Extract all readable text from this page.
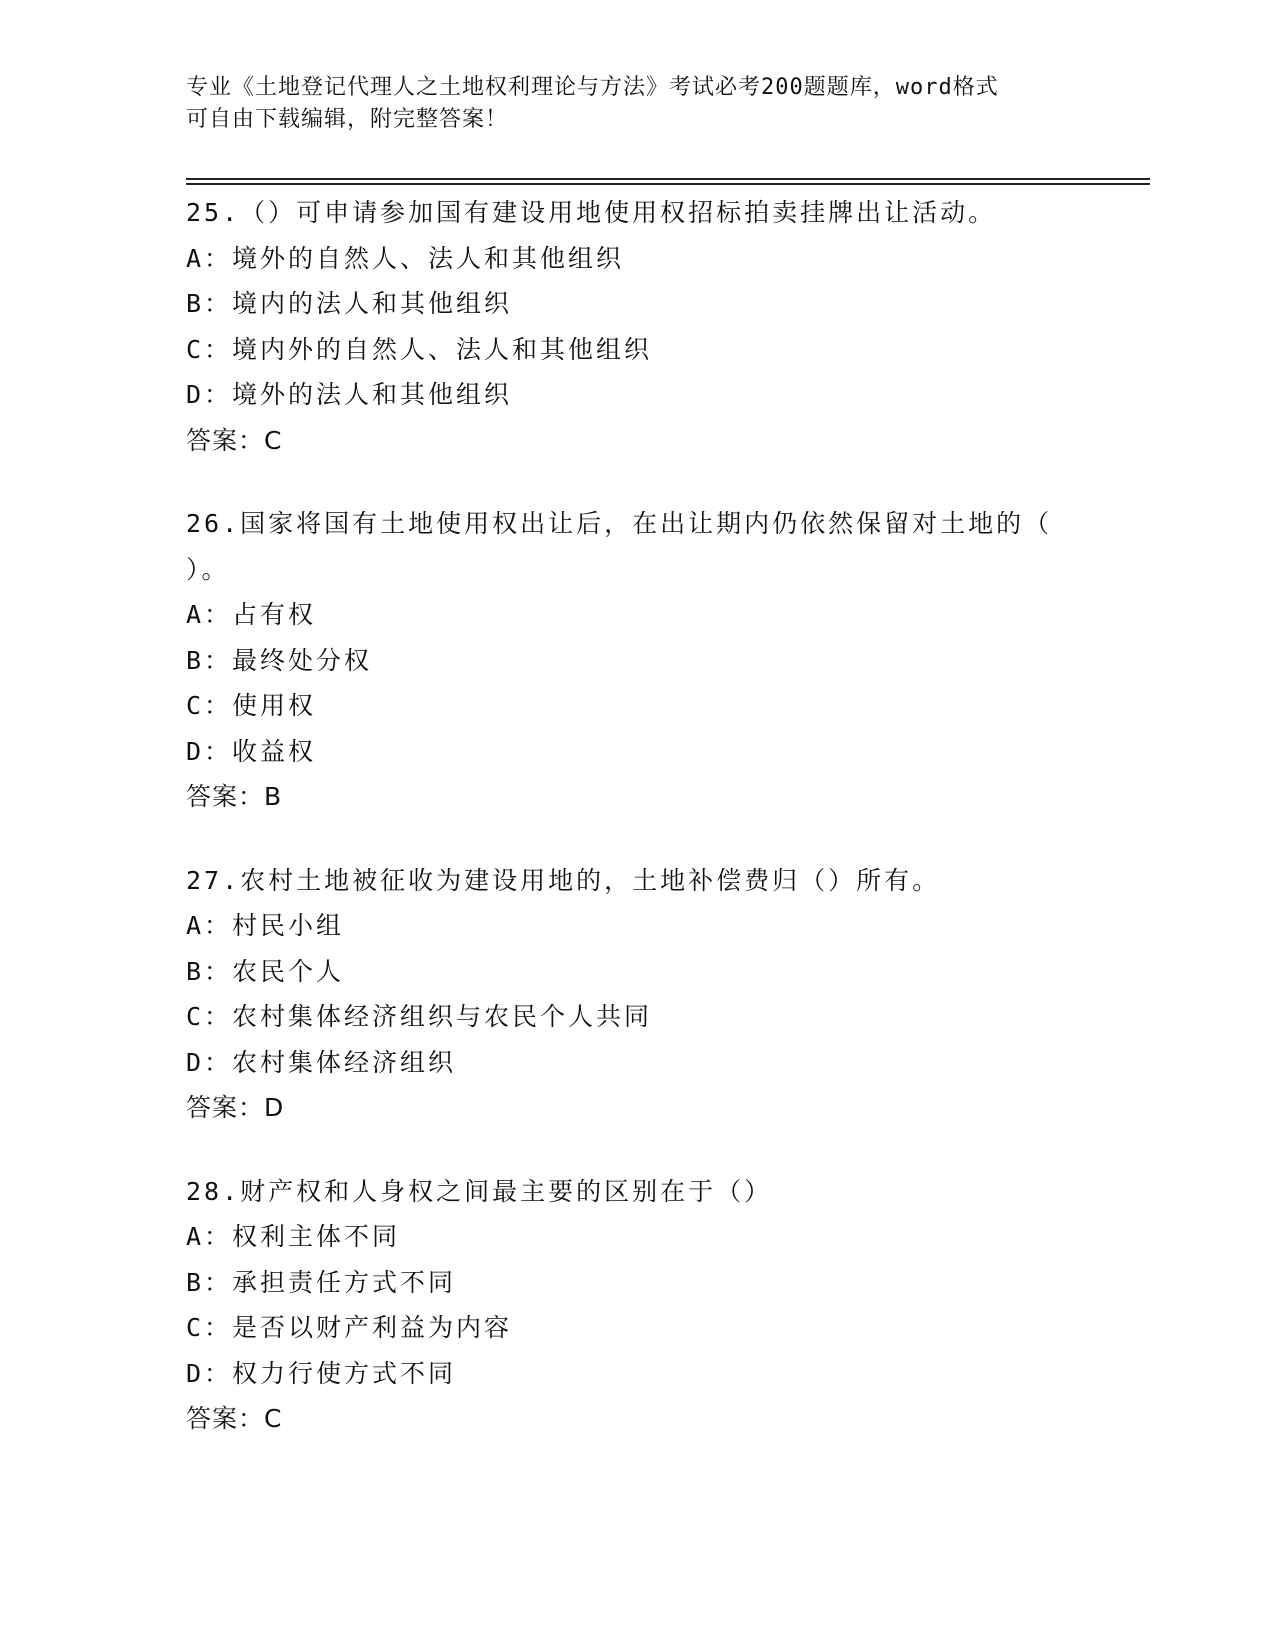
专业《土地登记代理人之土地权利理论与方法》考试必考200题题库，word格式
可自由下载编辑，附完整答案！
25.（）可申请参加国有建设用地使用权招标拍卖挂牌出让活动。
A：境外的自然人、法人和其他组织
B：境内的法人和其他组织
C：境内外的自然人、法人和其他组织
D：境外的法人和其他组织
答案：C
26.国家将国有土地使用权出让后，在出让期内仍依然保留对土地的（
）。
A：占有权
B：最终处分权
C：使用权
D：收益权
答案：B
27.农村土地被征收为建设用地的，土地补偿费归（）所有。
A：村民小组
B：农民个人
C：农村集体经济组织与农民个人共同
D：农村集体经济组织
答案：D
28.财产权和人身权之间最主要的区别在于（）
A：权利主体不同
B：承担责任方式不同
C：是否以财产利益为内容
D：权力行使方式不同
答案：C
